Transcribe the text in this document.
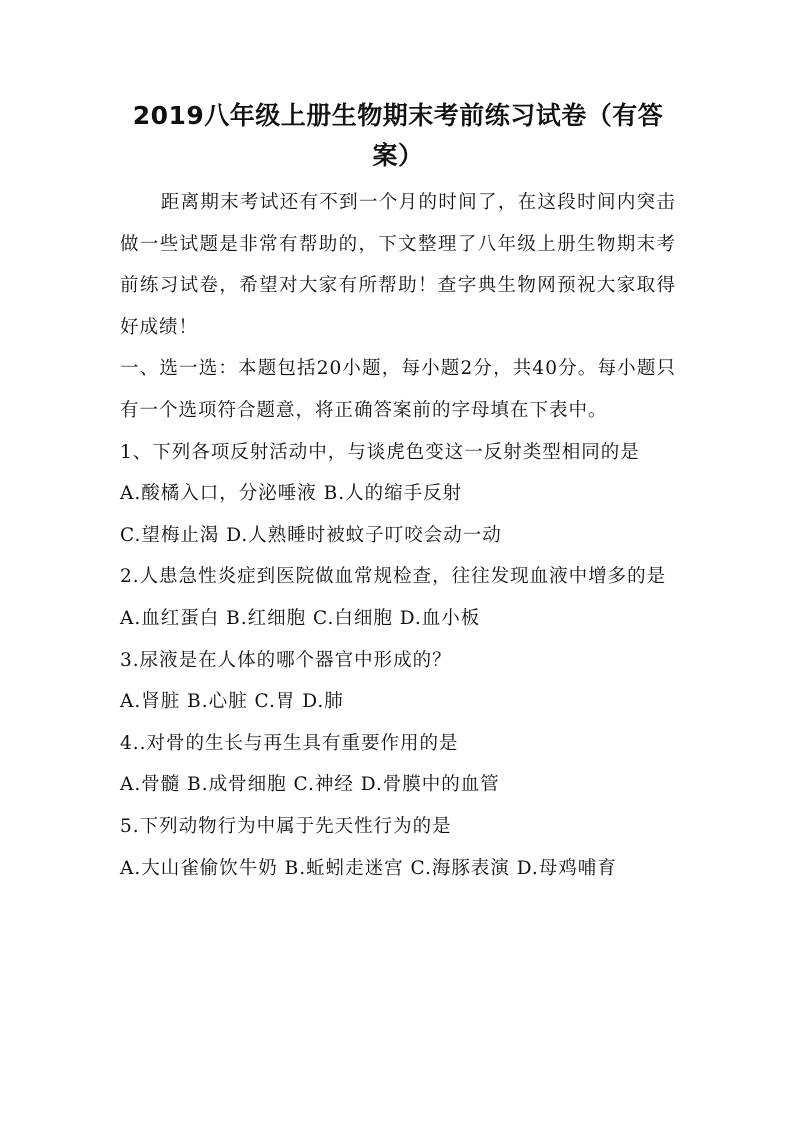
2019八年级上册生物期末考前练习试卷（有答案）

距离期末考试还有不到一个月的时间了，在这段时间内突击做一些试题是非常有帮助的，下文整理了八年级上册生物期末考前练习试卷，希望对大家有所帮助！查字典生物网预祝大家取得好成绩！

一、选一选：本题包括20小题，每小题2分，共40分。每小题只有一个选项符合题意，将正确答案前的字母填在下表中。

1、下列各项反射活动中，与谈虎色变这一反射类型相同的是

A.酸橘入口，分泌唾液 B.人的缩手反射

C.望梅止渴 D.人熟睡时被蚊子叮咬会动一动

2.人患急性炎症到医院做血常规检查，往往发现血液中增多的是

A.血红蛋白 B.红细胞 C.白细胞 D.血小板

3.尿液是在人体的哪个器官中形成的？

A.肾脏 B.心脏 C.胃 D.肺

4..对骨的生长与再生具有重要作用的是

A.骨髓 B.成骨细胞 C.神经 D.骨膜中的血管

5.下列动物行为中属于先天性行为的是

A.大山雀偷饮牛奶 B.蚯蚓走迷宫 C.海豚表演 D.母鸡哺育
